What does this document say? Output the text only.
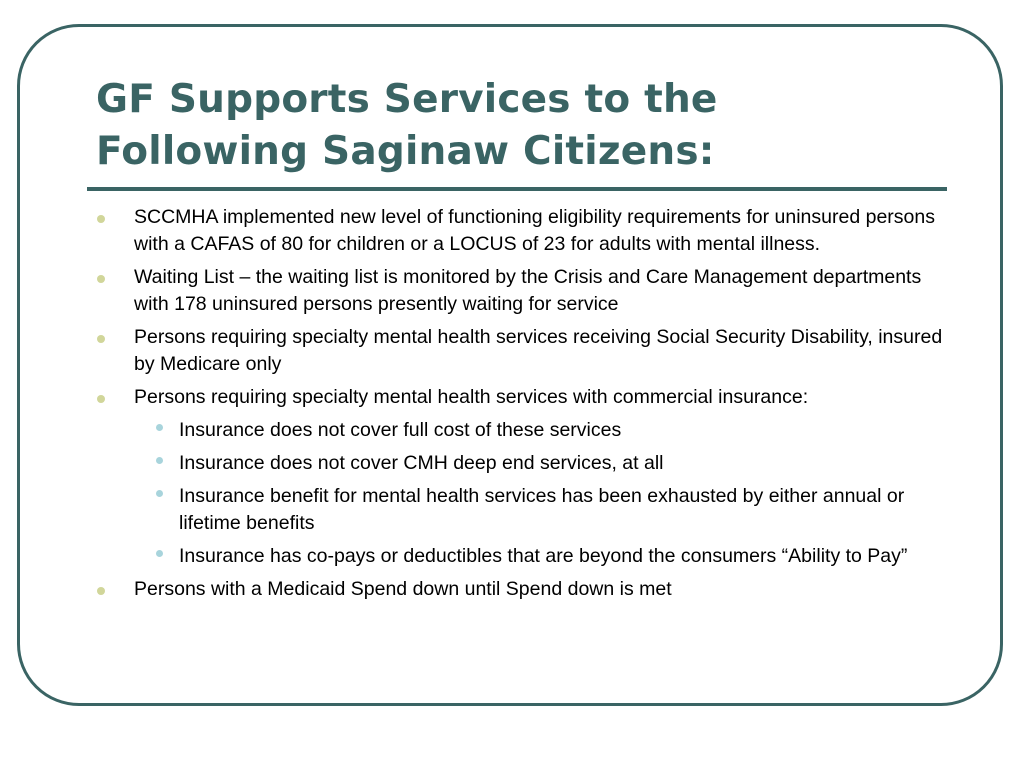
GF Supports Services to the
Following Saginaw Citizens:
SCCMHA implemented new level of functioning eligibility requirements for uninsured persons with a CAFAS of 80 for children or a LOCUS of 23 for adults with mental illness.
Waiting List – the waiting list is monitored by the Crisis and Care Management departments with 178 uninsured persons presently waiting for service
Persons requiring specialty mental health services receiving Social Security Disability, insured by Medicare only
Persons requiring specialty mental health services with commercial insurance:
Insurance does not cover full cost of these services
Insurance does not cover CMH deep end services, at all
Insurance benefit for mental health services has been exhausted by either annual or lifetime benefits
Insurance has co-pays or deductibles that are beyond the consumers “Ability to Pay”
Persons with a Medicaid Spend down until Spend down is met
